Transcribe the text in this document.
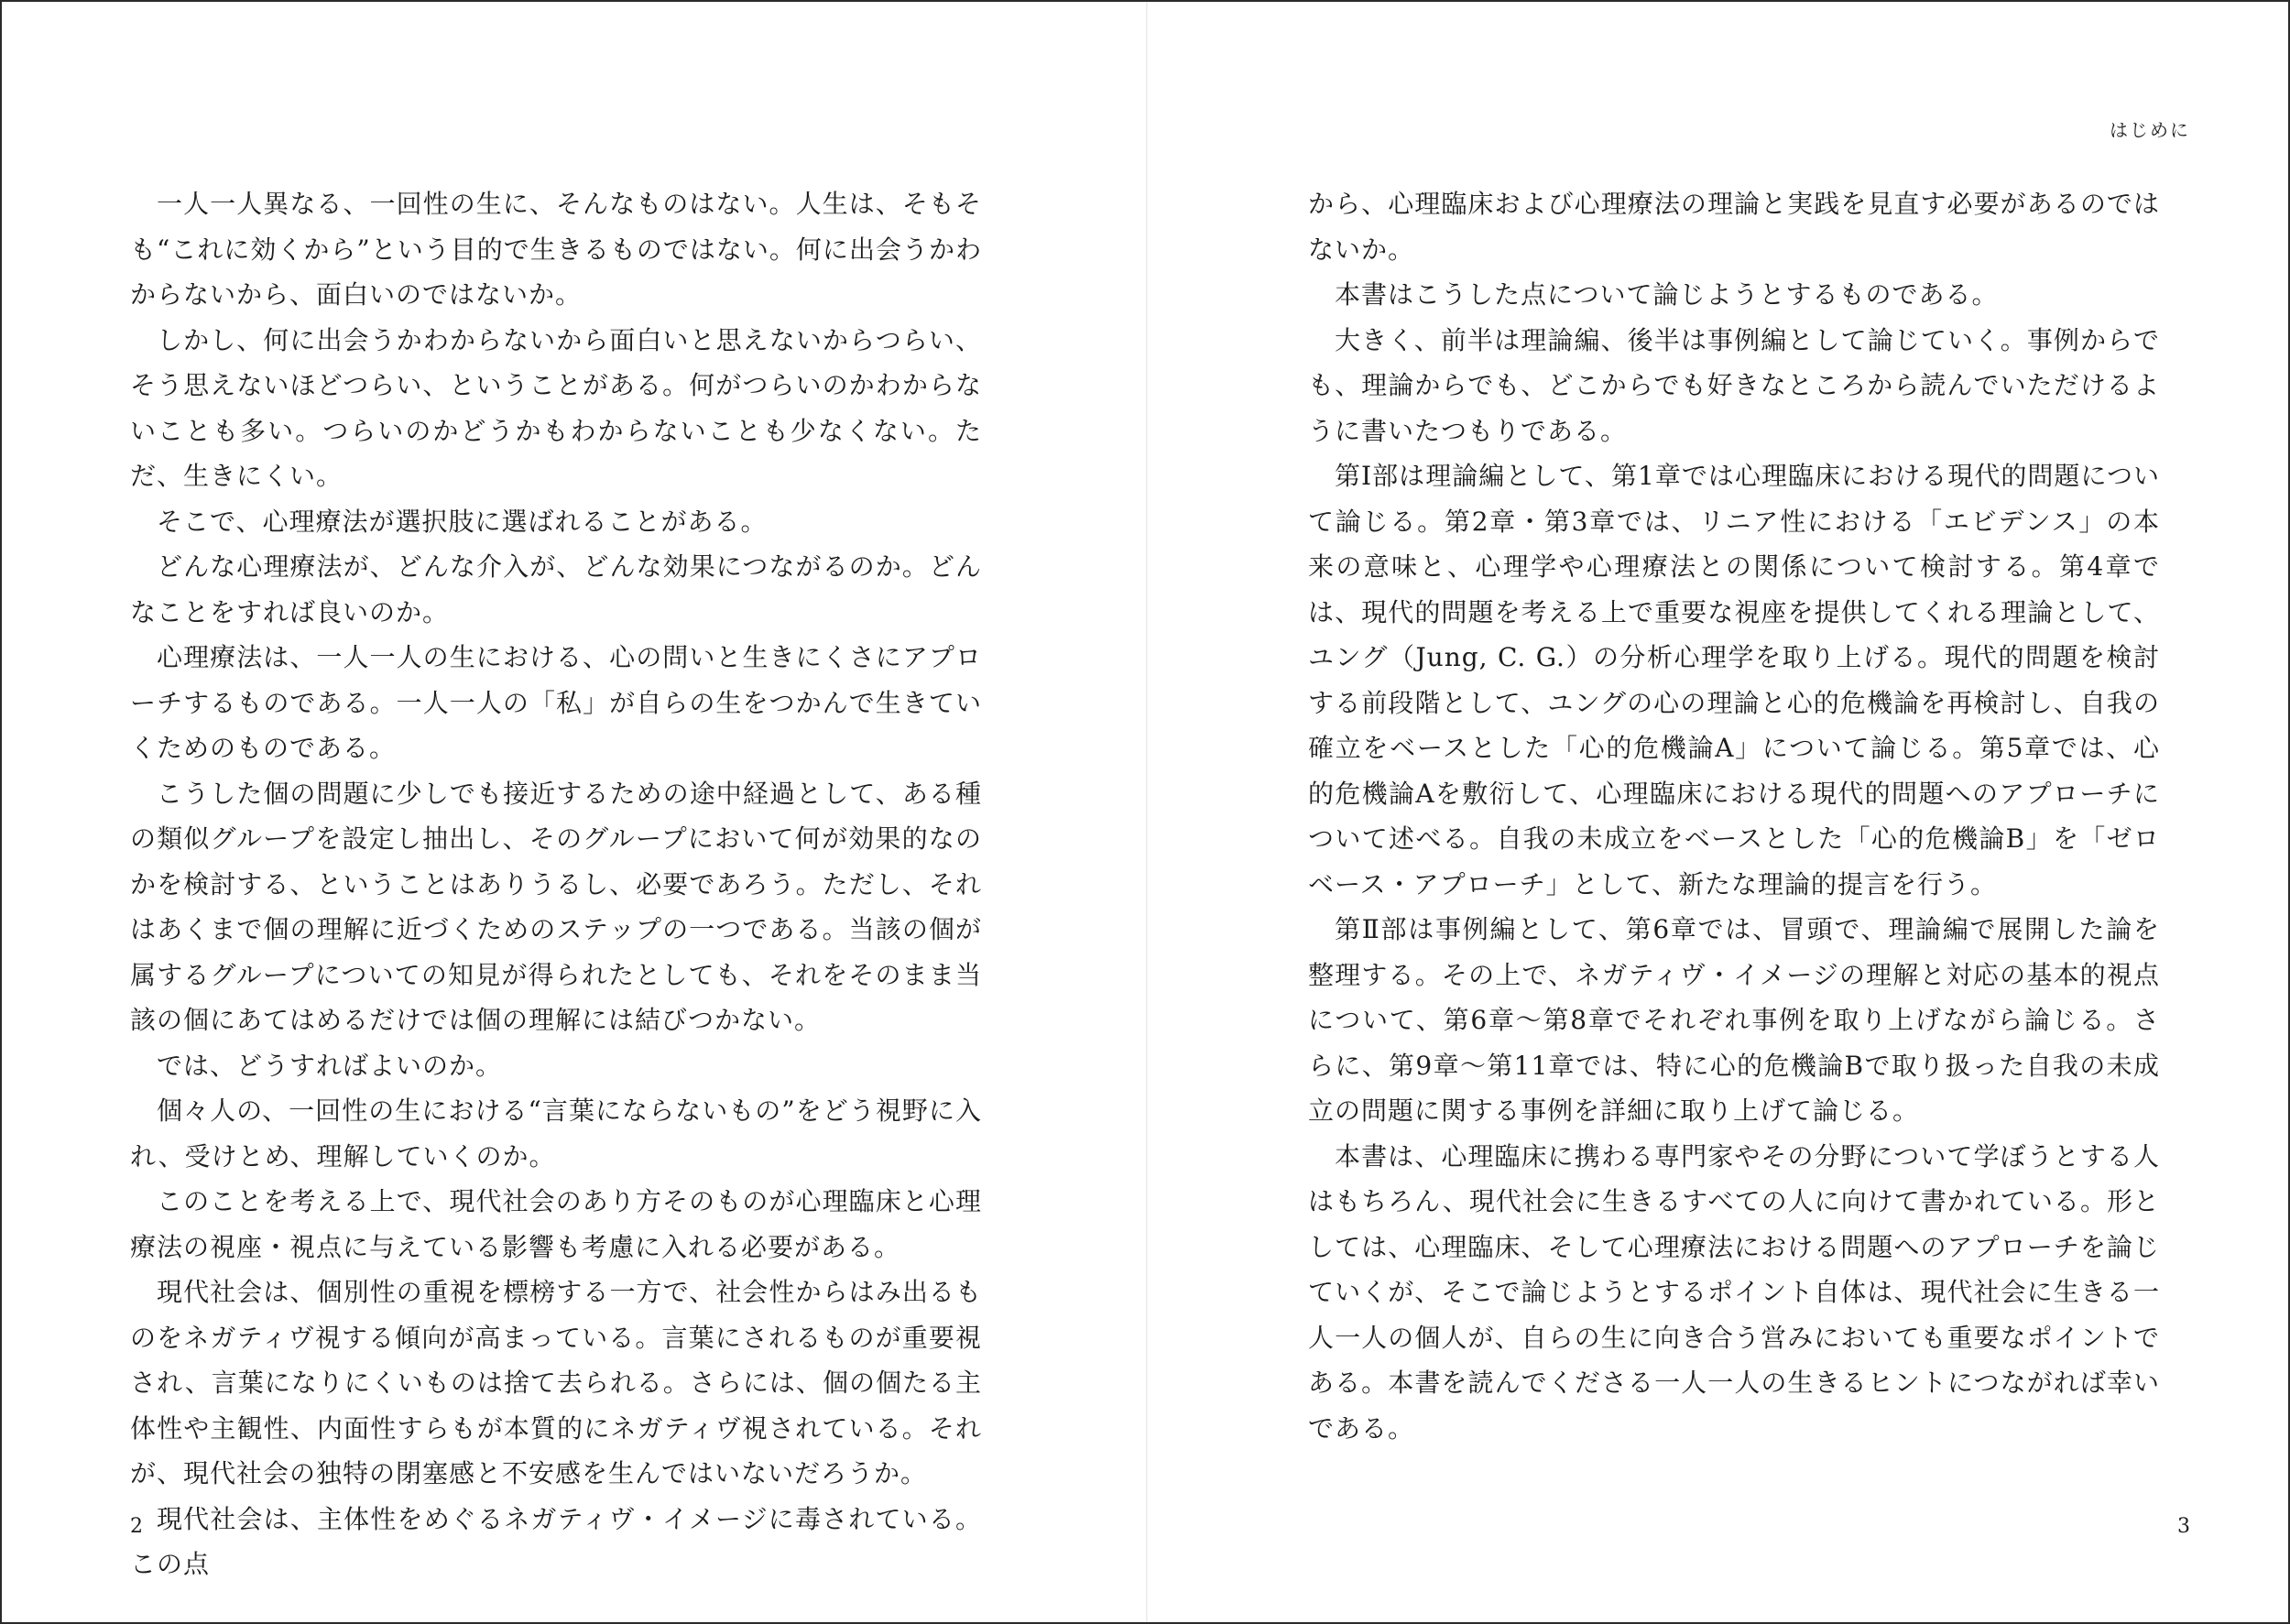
一人一人異なる、一回性の生に、そんなものはない。人生は、そもそも“これに効くから”という目的で生きるものではない。何に出会うかわからないから、面白いのではないか。

しかし、何に出会うかわからないから面白いと思えないからつらい、そう思えないほどつらい、ということがある。何がつらいのかわからないことも多い。つらいのかどうかもわからないことも少なくない。ただ、生きにくい。

そこで、心理療法が選択肢に選ばれることがある。

どんな心理療法が、どんな介入が、どんな効果につながるのか。どんなことをすれば良いのか。

心理療法は、一人一人の生における、心の問いと生きにくさにアプローチするものである。一人一人の「私」が自らの生をつかんで生きていくためのものである。

こうした個の問題に少しでも接近するための途中経過として、ある種の類似グループを設定し抽出し、そのグループにおいて何が効果的なのかを検討する、ということはありうるし、必要であろう。ただし、それはあくまで個の理解に近づくためのステップの一つである。当該の個が属するグループについての知見が得られたとしても、それをそのまま当該の個にあてはめるだけでは個の理解には結びつかない。

では、どうすればよいのか。

個々人の、一回性の生における“言葉にならないもの”をどう視野に入れ、受けとめ、理解していくのか。

このことを考える上で、現代社会のあり方そのものが心理臨床と心理療法の視座・視点に与えている影響も考慮に入れる必要がある。

現代社会は、個別性の重視を標榜する一方で、社会性からはみ出るものをネガティヴ視する傾向が高まっている。言葉にされるものが重要視され、言葉になりにくいものは捨て去られる。さらには、個の個たる主体性や主観性、内面性すらもが本質的にネガティヴ視されている。それが、現代社会の独特の閉塞感と不安感を生んではいないだろうか。

現代社会は、主体性をめぐるネガティヴ・イメージに毒されている。この点

2
はじめに

から、心理臨床および心理療法の理論と実践を見直す必要があるのではないか。

本書はこうした点について論じようとするものである。

大きく、前半は理論編、後半は事例編として論じていく。事例からでも、理論からでも、どこからでも好きなところから読んでいただけるように書いたつもりである。

第Ⅰ部は理論編として、第1章では心理臨床における現代的問題について論じる。第2章・第3章では、リニア性における「エビデンス」の本来の意味と、心理学や心理療法との関係について検討する。第4章では、現代的問題を考える上で重要な視座を提供してくれる理論として、ユング（Jung, C. G.）の分析心理学を取り上げる。現代的問題を検討する前段階として、ユングの心の理論と心的危機論を再検討し、自我の確立をベースとした「心的危機論A」について論じる。第5章では、心的危機論Aを敷衍して、心理臨床における現代的問題へのアプローチについて述べる。自我の未成立をベースとした「心的危機論B」を「ゼロベース・アプローチ」として、新たな理論的提言を行う。

第Ⅱ部は事例編として、第6章では、冒頭で、理論編で展開した論を整理する。その上で、ネガティヴ・イメージの理解と対応の基本的視点について、第6章〜第8章でそれぞれ事例を取り上げながら論じる。さらに、第9章〜第11章では、特に心的危機論Bで取り扱った自我の未成立の問題に関する事例を詳細に取り上げて論じる。

本書は、心理臨床に携わる専門家やその分野について学ぼうとする人はもちろん、現代社会に生きるすべての人に向けて書かれている。形としては、心理臨床、そして心理療法における問題へのアプローチを論じていくが、そこで論じようとするポイント自体は、現代社会に生きる一人一人の個人が、自らの生に向き合う営みにおいても重要なポイントである。本書を読んでくださる一人一人の生きるヒントにつながれば幸いである。

3
